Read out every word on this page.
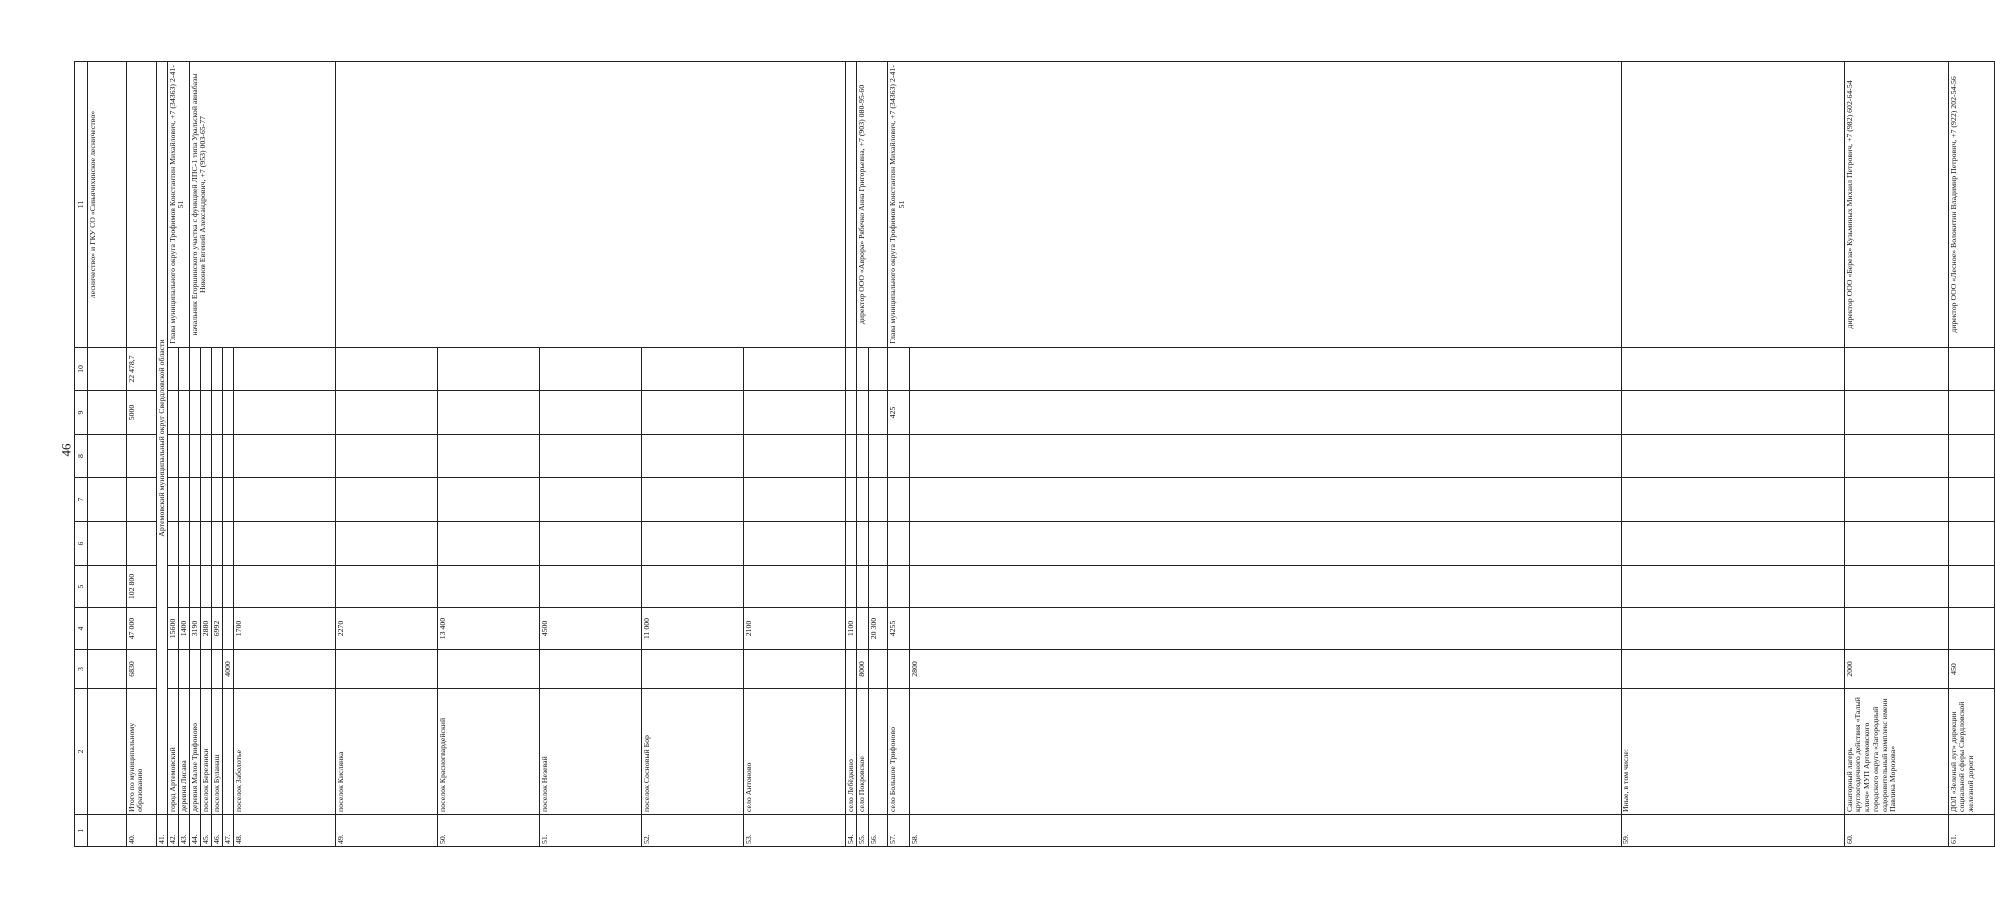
46
1	2	3	4	5	6	7	8	9	10	11	
										лесничество» и ГКУ СО «Сињячихинское лесничество»	
40.	Итого по муниципальному образованию	6830	47 000	102 800				5000	22 478,7		
41.	Артемовский муниципальный округ Свердловской области										
42.	город Артемовский		15600							Глава муниципального округа Трофимов Константин Михайлович, +7 (34363) 2-41-51	
43.	деревня Лисава		1400								
44.	деревня Малое Трифоново		3190							начальник Егоршинского участка с функцией ЛПС-1 типа Уральской авиабазы Никонов Евгений Александрович, +7 (953) 003-65-77	
45.	поселок Березники		2880								
46.	поселок Буланаш		6992								
47.		4000									
48.	поселок Заболотье		1700							
49.	поселок Кислянка		2270								
50.	поселок Красногвардейский		13 400								
51.	поселок Незевай		4500								
52.	поселок Сосновый Бор		11 000								
53.	село Антоново		2100								
54.	село Лебёдкино		1100								
55.	село Покровское	8000								директор ООО «Аврора» Рябечко Анна Григорьевна, +7 (903) 080-95-60	
56.			20 300								
57.	село Большое Трифоново		4255					425		Глава муниципального округа Трофимов Константин Михайлович, +7 (34363) 2-41-51	
58.		2800								
59.	Иные, в том числе:										
60.	Санаторный лагерь круглогодичного действия «Талый ключ» МУП Артемовского городского округа «Загородный оздоровительный комплекс имени Павлика Морозова»	2000								директор ООО «Береза» Кузьминых Михаил Петрович, +7 (982) 602-64-54	
61.	ДОЛ «Зеленый луг» дирекции социальной сферы Свердловской железной дороги	450								директор ООО «Лесное» Волокитин Владимир Петрович, +7 (922) 202-54-56	
